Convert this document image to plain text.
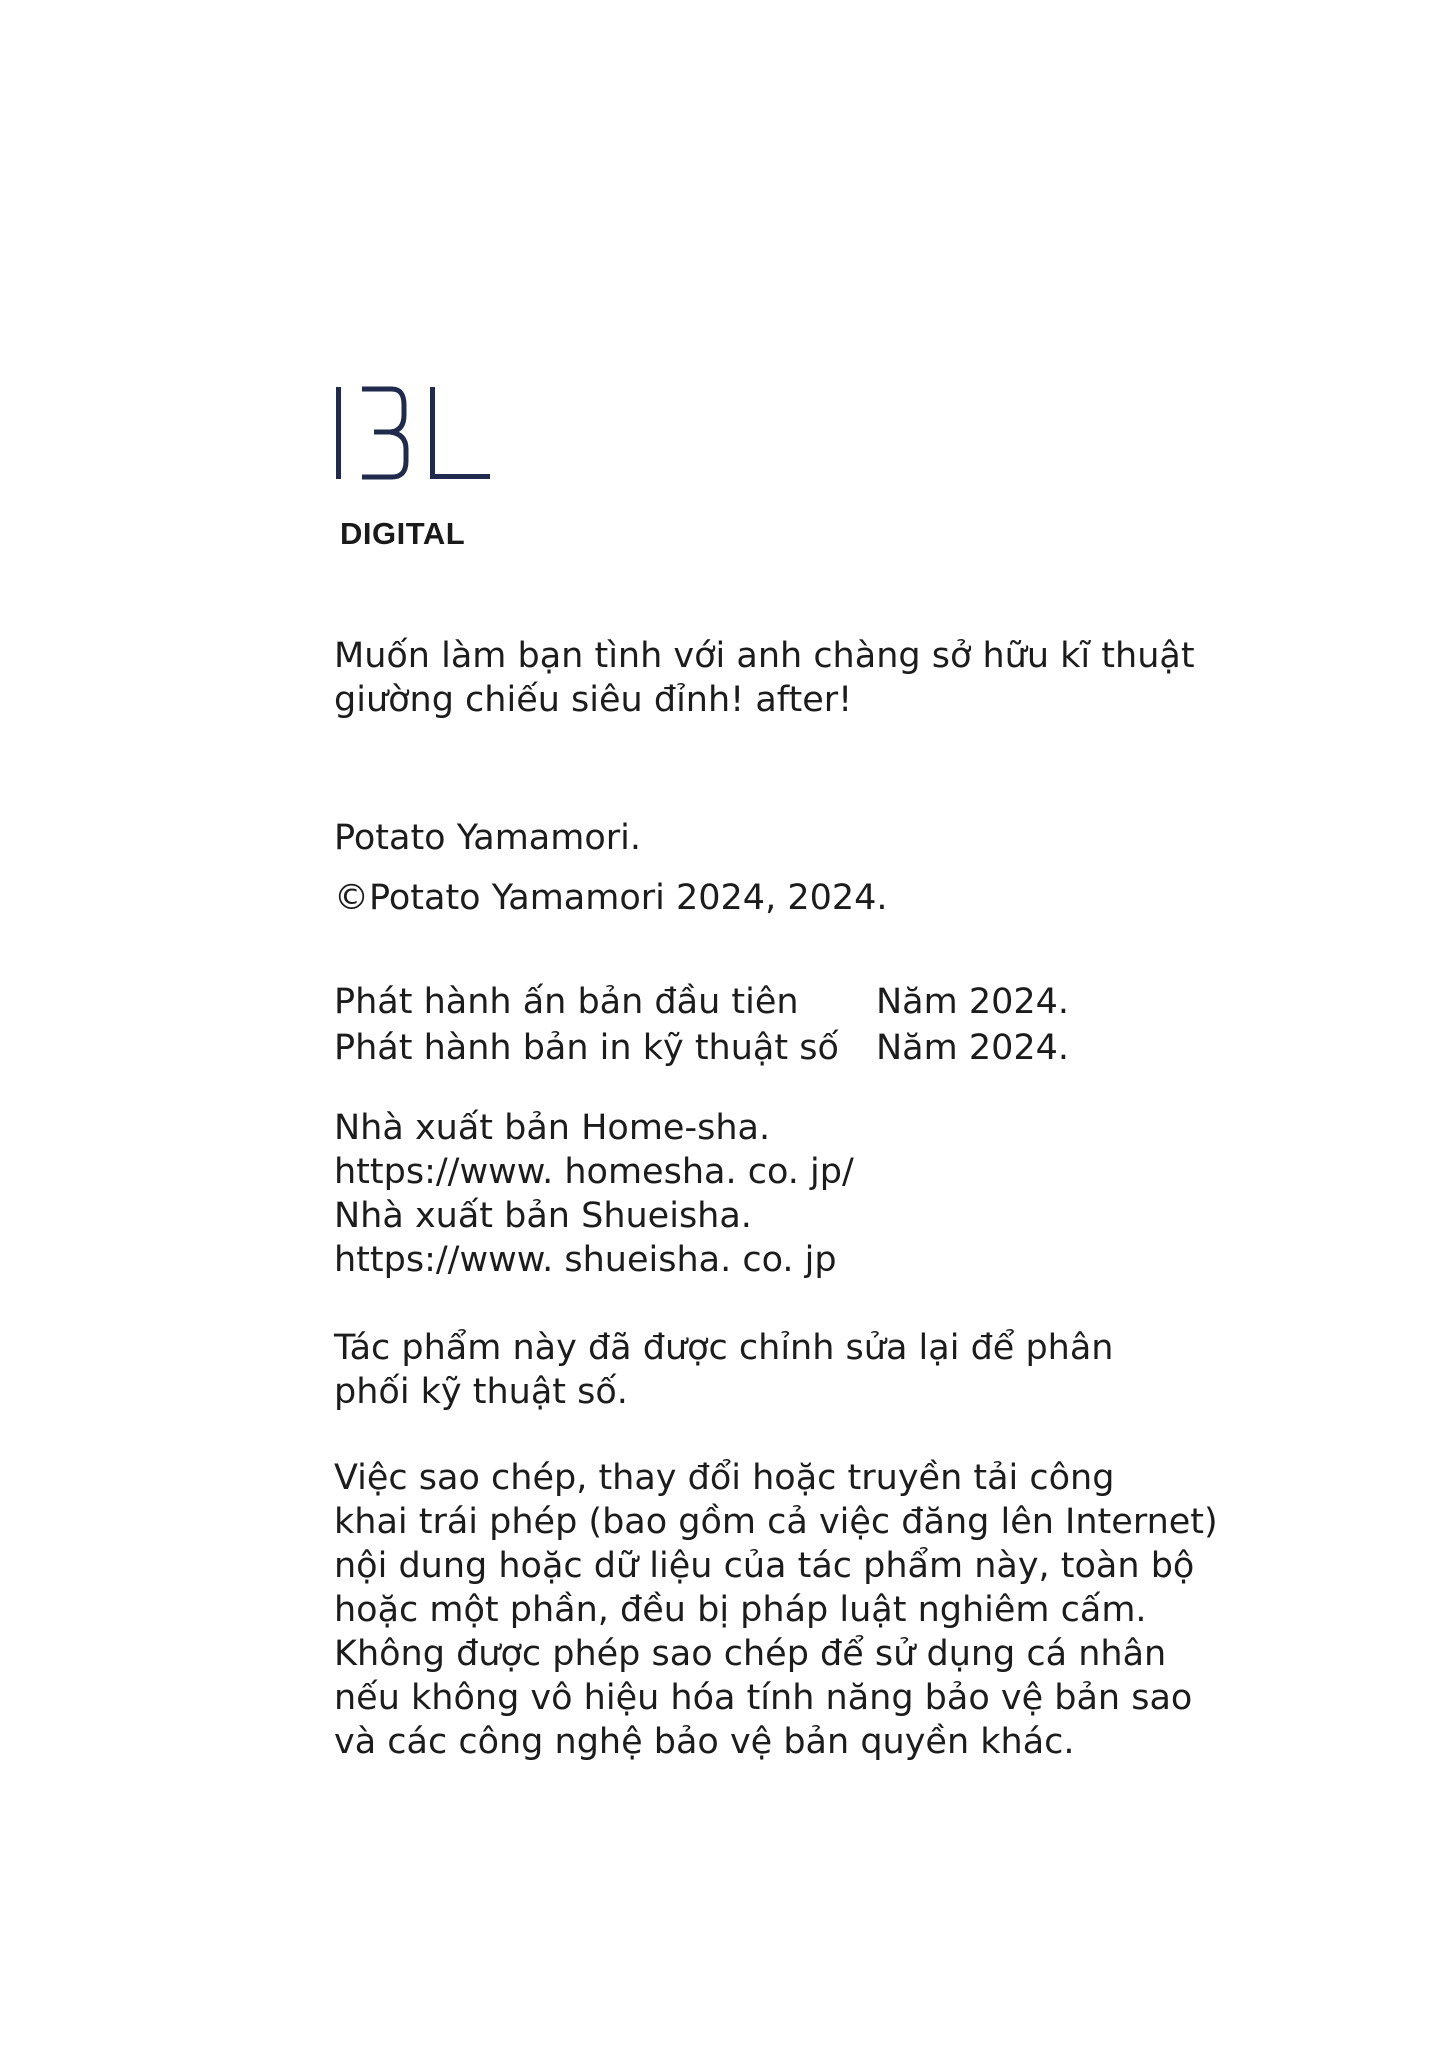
DIGITAL
Muốn làm bạn tình với anh chàng sở hữu kĩ thuật
giường chiếu siêu đỉnh! after!
Potato Yamamori.
©Potato Yamamori 2024, 2024.
Phát hành ấn bản đầu tiên	Năm 2024.
Phát hành bản in kỹ thuật số	Năm 2024.
Nhà xuất bản Home-sha.
https://www. homesha. co. jp/
Nhà xuất bản Shueisha.
https://www. shueisha. co. jp
Tác phẩm này đã được chỉnh sửa lại để phân
phối kỹ thuật số.
Việc sao chép, thay đổi hoặc truyền tải công
khai trái phép (bao gồm cả việc đăng lên Internet)
nội dung hoặc dữ liệu của tác phẩm này, toàn bộ
hoặc một phần, đều bị pháp luật nghiêm cấm.
Không được phép sao chép để sử dụng cá nhân
nếu không vô hiệu hóa tính năng bảo vệ bản sao
và các công nghệ bảo vệ bản quyền khác.
